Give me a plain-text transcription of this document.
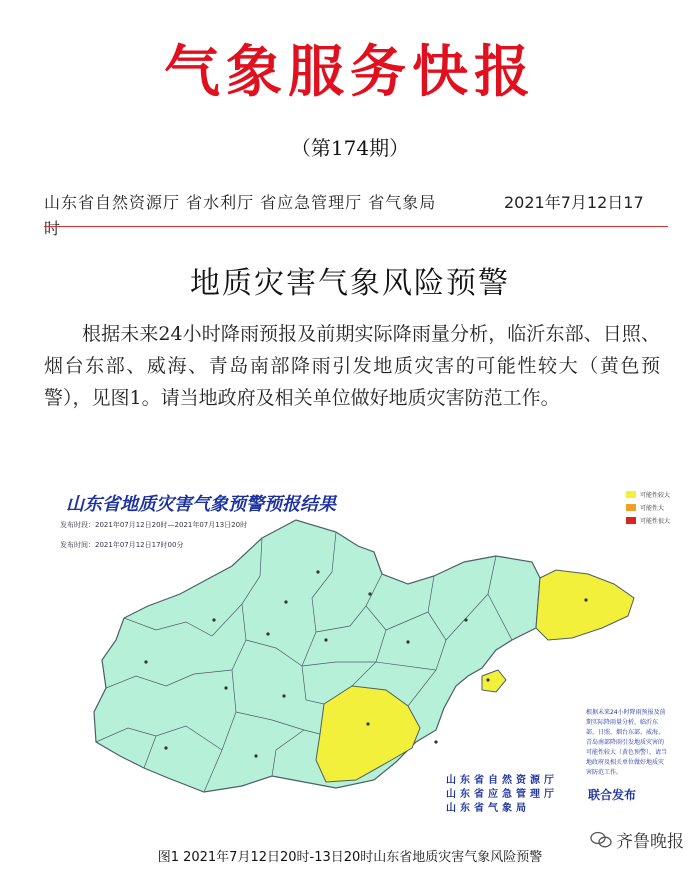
气象服务快报
（第174期）
山东省自然资源厅 省水利厅 省应急管理厅 省气象局	2021年7月12日17
时
地质灾害气象风险预警
根据未来24小时降雨预报及前期实际降雨量分析，临沂东部、日照、烟台东部、威海、青岛南部降雨引发地质灾害的可能性较大（黄色预警），见图1。请当地政府及相关单位做好地质灾害防范工作。
山东省地质灾害气象预警预报结果
发布时段：2021年07月12日20时—2021年07月13日20时
发布时间：2021年07月12日17时00分
可能性较大
可能性大
可能性很大
根据未来24小时降雨预报及前期实际降雨量分析，临沂东部、日照、烟台东部、威海、青岛南部降雨引发地质灾害的可能性较大（黄色预警），请当地政府及相关单位做好地质灾害防范工作。
山东省自然资源厅
山东省应急管理厅
山东省气象局
联合发布
齐鲁晚报
图1 2021年7月12日20时-13日20时山东省地质灾害气象风险预警
